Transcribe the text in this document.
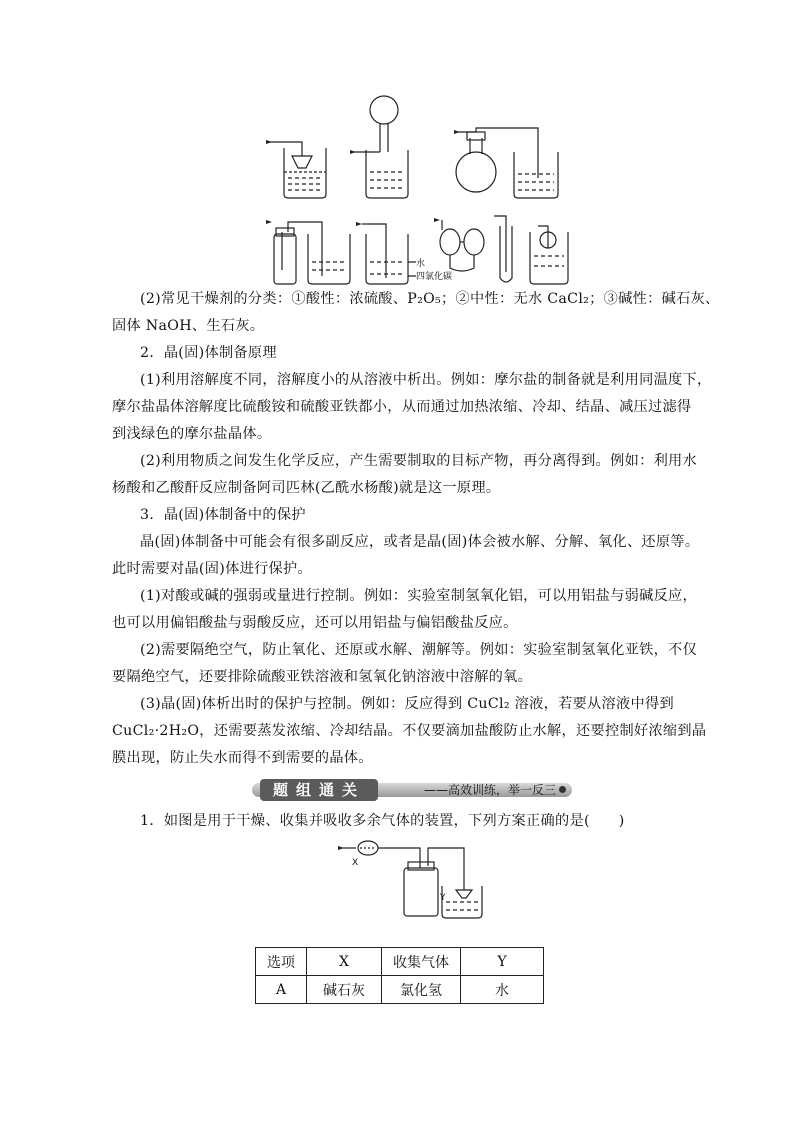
水
四氯化碳
(2)常见干燥剂的分类：①酸性：浓硫酸、P₂O₅；②中性：无水 CaCl₂；③碱性：碱石灰、
固体 NaOH、生石灰。
2．晶(固)体制备原理
(1)利用溶解度不同，溶解度小的从溶液中析出。例如：摩尔盐的制备就是利用同温度下，
摩尔盐晶体溶解度比硫酸铵和硫酸亚铁都小，从而通过加热浓缩、冷却、结晶、减压过滤得
到浅绿色的摩尔盐晶体。
(2)利用物质之间发生化学反应，产生需要制取的目标产物，再分离得到。例如：利用水
杨酸和乙酸酐反应制备阿司匹林(乙酰水杨酸)就是这一原理。
3．晶(固)体制备中的保护
晶(固)体制备中可能会有很多副反应，或者是晶(固)体会被水解、分解、氧化、还原等。
此时需要对晶(固)体进行保护。
(1)对酸或碱的强弱或量进行控制。例如：实验室制氢氧化铝，可以用铝盐与弱碱反应，
也可以用偏铝酸盐与弱酸反应，还可以用铝盐与偏铝酸盐反应。
(2)需要隔绝空气，防止氧化、还原或水解、潮解等。例如：实验室制氢氧化亚铁，不仅
要隔绝空气，还要排除硫酸亚铁溶液和氢氧化钠溶液中溶解的氧。
(3)晶(固)体析出时的保护与控制。例如：反应得到 CuCl₂ 溶液，若要从溶液中得到
CuCl₂·2H₂O，还需要蒸发浓缩、冷却结晶。不仅要滴加盐酸防止水解，还要控制好浓缩到晶
膜出现，防止失水而得不到需要的晶体。
题组通关	——高效训练，举一反三
1．如图是用于干燥、收集并吸收多余气体的装置，下列方案正确的是(　　)
X
Y
选项	X	收集气体	Y
A	碱石灰	氯化氢	水
